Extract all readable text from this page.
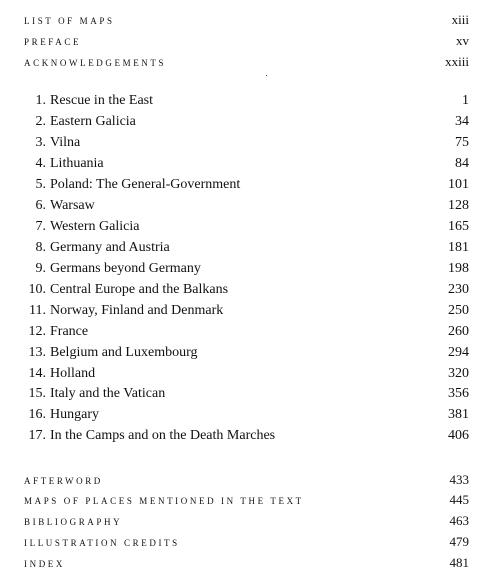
LIST OF MAPS	xiii
PREFACE	xv
ACKNOWLEDGEMENTS	xxiii
1. Rescue in the East	1
2. Eastern Galicia	34
3. Vilna	75
4. Lithuania	84
5. Poland: The General-Government	101
6. Warsaw	128
7. Western Galicia	165
8. Germany and Austria	181
9. Germans beyond Germany	198
10. Central Europe and the Balkans	230
11. Norway, Finland and Denmark	250
12. France	260
13. Belgium and Luxembourg	294
14. Holland	320
15. Italy and the Vatican	356
16. Hungary	381
17. In the Camps and on the Death Marches	406
AFTERWORD	433
MAPS OF PLACES MENTIONED IN THE TEXT	445
BIBLIOGRAPHY	463
ILLUSTRATION CREDITS	479
INDEX	481
